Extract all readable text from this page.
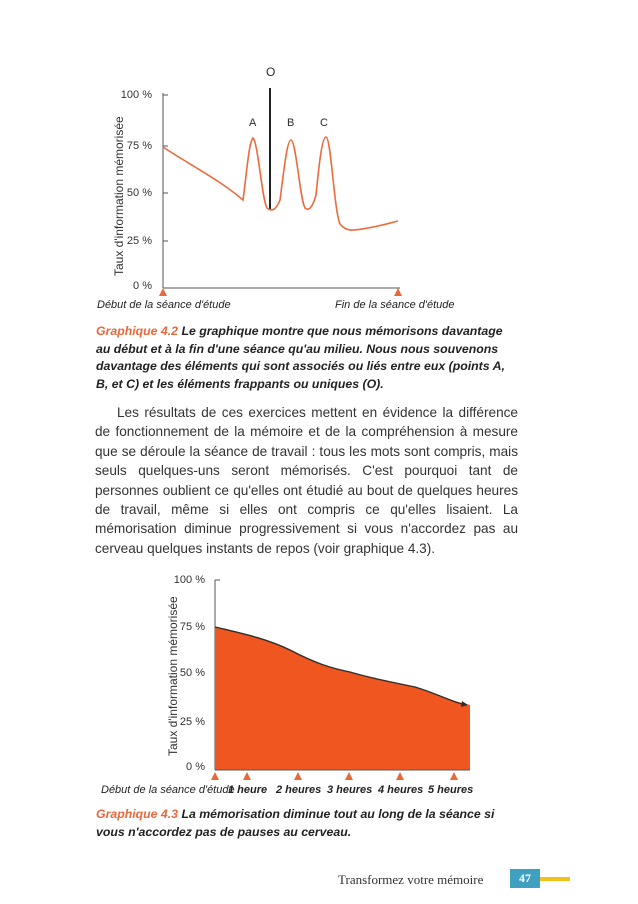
O
Taux d'information mémorisée
100 %
75 %
50 %
25 %
0 %
A	B C
Début de la séance d'étude	Fin de la séance d'étude
Graphique 4.2 Le graphique montre que nous mémorisons davantage au début et à la fin d'une séance qu'au milieu. Nous nous souvenons davantage des éléments qui sont associés ou liés entre eux (points A, B, et C) et les éléments frappants ou uniques (O).
Les résultats de ces exercices mettent en évidence la différence de fonctionnement de la mémoire et de la compréhension à mesure que se déroule la séance de travail : tous les mots sont compris, mais seuls quelques-uns seront mémorisés. C'est pourquoi tant de personnes oublient ce qu'elles ont étudié au bout de quelques heures de travail, même si elles ont compris ce qu'elles lisaient. La mémorisation diminue progressivement si vous n'accordez pas au cerveau quelques instants de repos (voir graphique 4.3).
Taux d'information mémorisée
100 %
75 %
50 %
25 %
0 %
Début de la séance d'étude
1 heure 2 heures 3 heures 4 heures 5 heures
Graphique 4.3 La mémorisation diminue tout au long de la séance si vous n'accordez pas de pauses au cerveau.
Transformez votre mémoire	47
